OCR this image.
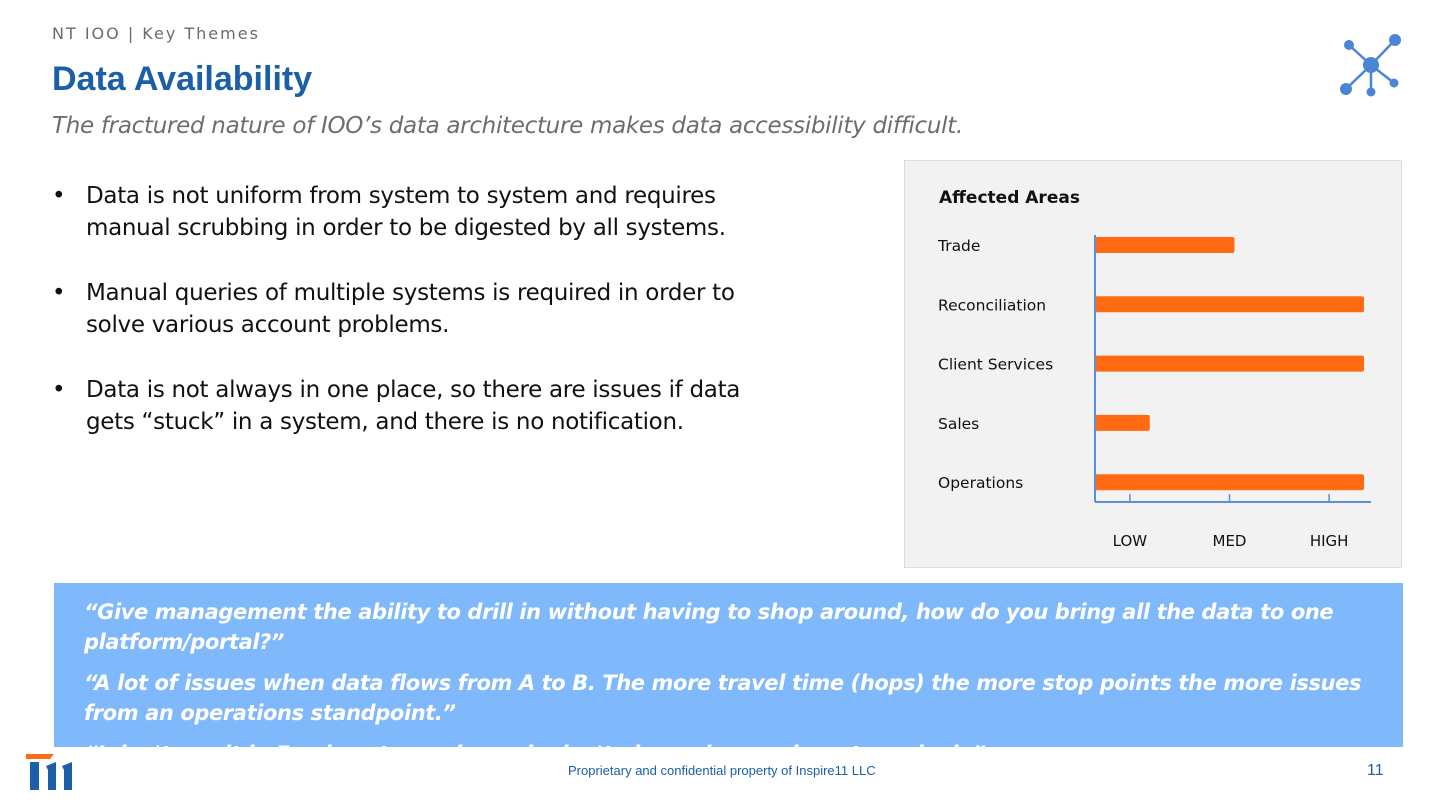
NT IOO | Key Themes
Data Availability
The fractured nature of IOO’s data architecture makes data accessibility difficult.
• Data is not uniform from system to system and requires manual scrubbing in order to be digested by all systems.
• Manual queries of multiple systems is required in order to solve various account problems.
• Data is not always in one place, so there are issues if data gets “stuck” in a system, and there is no notification.
Affected Areas
Trade
Reconciliation
Client Services
Sales
Operations
LOW	MED	HIGH

“Give management the ability to drill in without having to shop around, how do you bring all the data to one platform/portal?”

“A lot of issues when data flows from A to B. The more travel time (hops) the more stop points the more issues from an operations standpoint.”

“I don't see it in Fundmaster and people don't always know where to go look.”

Proprietary and confidential property of Inspire11 LLC	11
